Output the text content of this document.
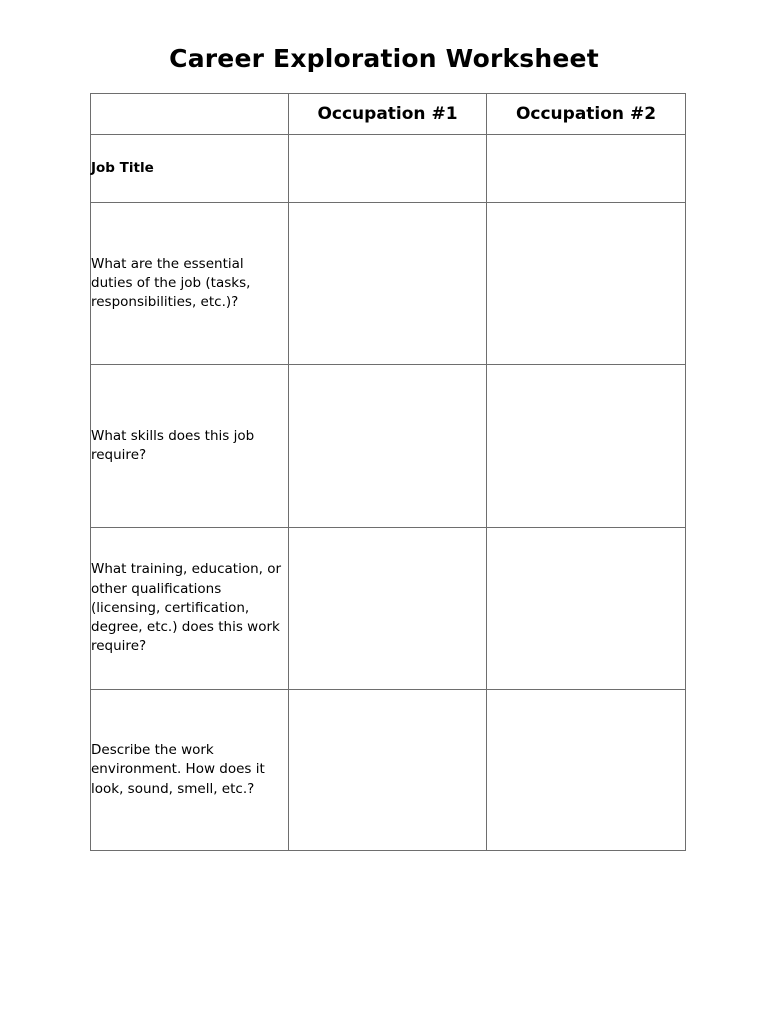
Career Exploration Worksheet
	Occupation #1	Occupation #2
Job Title		
What are the essential duties of the job (tasks, responsibilities, etc.)?		
What skills does this job require?		
What training, education, or other qualifications (licensing, certification, degree, etc.) does this work require?		
Describe the work environment. How does it look, sound, smell, etc.?		
